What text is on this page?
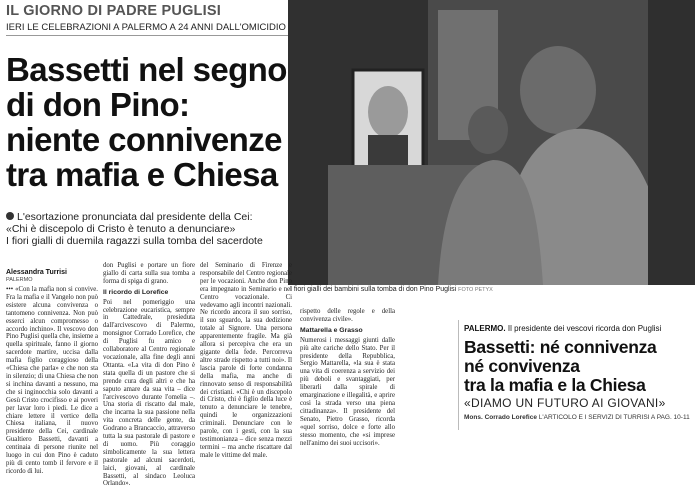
IL GIORNO DI PADRE PUGLISI
IERI LE CELEBRAZIONI A PALERMO A 24 ANNI DALL'OMICIDIO
Bassetti nel segno
di don Pino:
niente connivenze
tra mafia e Chiesa
L'esortazione pronunciata dal presidente della Cei:
«Chi è discepolo di Cristo è tenuto a denunciare»
I fiori gialli di duemila ragazzi sulla tomba del sacerdote
I fiori gialli dei bambini sulla tomba di don Pino Puglisi FOTO PETYX
Alessandra Turrisi
PALERMO

••• «Con la mafia non si convive. Fra la mafia e il Vangelo non può esistere alcuna convivenza o tantomeno connivenza. Non può esserci alcun compromesso o accordo inchino». Il vescovo don Pino Puglisi quella che, insieme a quella spirituale, fanno il giorno sacerdote martire, uccisa dalla mafia figlio coraggioso della «Chiesa che parla» e che non sta in silenzio; di una Chiesa che non si inchina davanti a nessuno, ma che si inginocchia solo davanti a Gesù Cristo crocifisso e ai poveri per lavar loro i piedi. Le dice a chiare lettere il vertice della Chiesa italiana, il nuovo presidente della Cei, cardinale Gualtiero Bassetti, davanti a centinaia di persone riunite nel luogo in cui don Pino è caduto più di cento tomb il fervore e il ricordo di lui.

don Puglisi e portare un fiore giallo di carta sulla sua tomba a forma di spiga di grano.

Il ricordo di Lorefice

Poi nel pomeriggio una celebrazione eucaristica, sempre in Cattedrale, presieduta dall'arcivescovo di Palermo, monsignor Corrado Lorefice, che di Puglisi fu amico e collaboratore al Centro regionale vocazionale, alla fine degli anni Ottanta. «La vita di don Pino è stata quella di un pastore che si prende cura degli altri e che ha saputo amare da sua vita – dice l'arcivescovo durante l'omelia –. Una storia di riscatto dal male, che incarna la sua passione nella vita concreta delle gente, da Godrano a Brancaccio, attraverso tutta la sua pastorale di pastore e di uomo. Più coraggio simbolicamente la sua lettera pastorale ad alcuni sacerdoti, laici, giovani, al cardinale Bassetti, al sindaco Leoluca Orlando».

del Seminario di Firenze e responsabile del Centro regionale per le vocazioni. Anche don Pino era impegnato in Seminario e nel Centro vocazionale. Ci vedevamo agli incontri nazionali. Ne ricordo ancora il suo sorriso, il suo sguardo, la sua dedizione totale al Signore. Una persona apparentemente fragile. Ma già allora si percepiva che era un gigante della fede. Percorreva altre strade rispetto a tutti noi». Il lascia parole di forte condanna della mafia, ma anche di rinnovato senso di responsabilità dei cristiani. «Chi è un discepolo di Cristo, chi è figlio della luce è tenuto a denunciare le tenebre, quindi le organizzazioni criminali. Denunciare con le parole, con i gesti, con la sua testimonianza – dice senza mezzi termini – ma anche riscattare dal male le vittime del male.

rispetto delle regole e della convivenza civile».

Mattarella e Grasso

Numerosi i messaggi giunti dalle più alte cariche dello Stato. Per il presidente della Repubblica, Sergio Mattarella, «la sua è stata una vita di coerenza a servizio dei più deboli e svantaggiati, per liberarli dalla spirale di emarginazione e illegalità, e aprire così la strada verso una piena cittadinanza». Il presidente del Senato, Pietro Grasso, ricorda «quel sorriso, dolce e forte allo stesso momento, che «si imprese nell'animo dei suoi uccisori».

PALERMO. Il presidente dei vescovi ricorda don Puglisi
Bassetti: né connivenza
né convivenza
tra la mafia e la Chiesa
«DIAMO UN FUTURO AI GIOVANI»
Mons. Corrado Lorefice L'ARTICOLO E I SERVIZI DI TURRISI A PAG. 10-11
